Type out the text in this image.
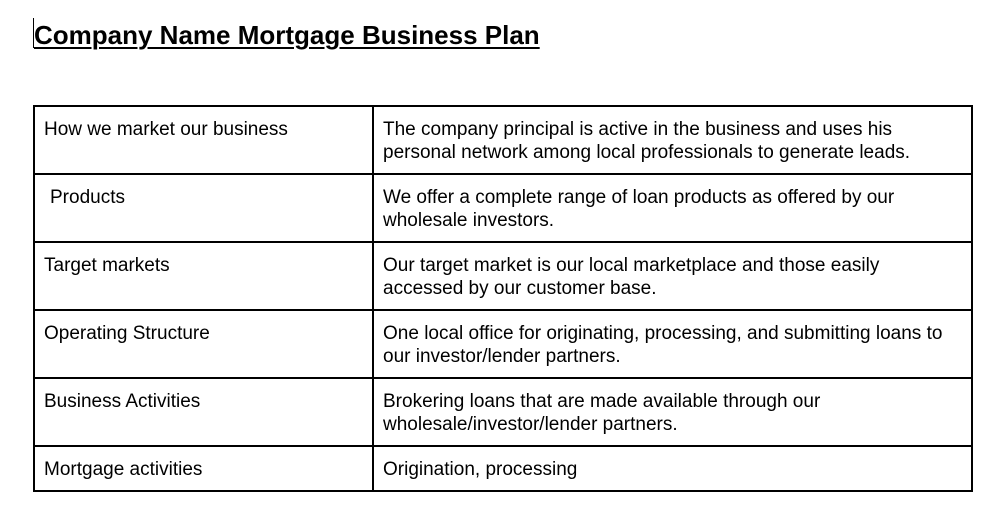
Company Name Mortgage Business Plan
How we market our business	The company principal is active in the business and uses his personal network among local professionals to generate leads.
Products	We offer a complete range of loan products as offered by our wholesale investors.
Target markets	Our target market is our local marketplace and those easily accessed by our customer base.
Operating Structure	One local office for originating, processing, and submitting loans to our investor/lender partners.
Business Activities	Brokering loans that are made available through our wholesale/investor/lender partners.
Mortgage activities	Origination, processing
